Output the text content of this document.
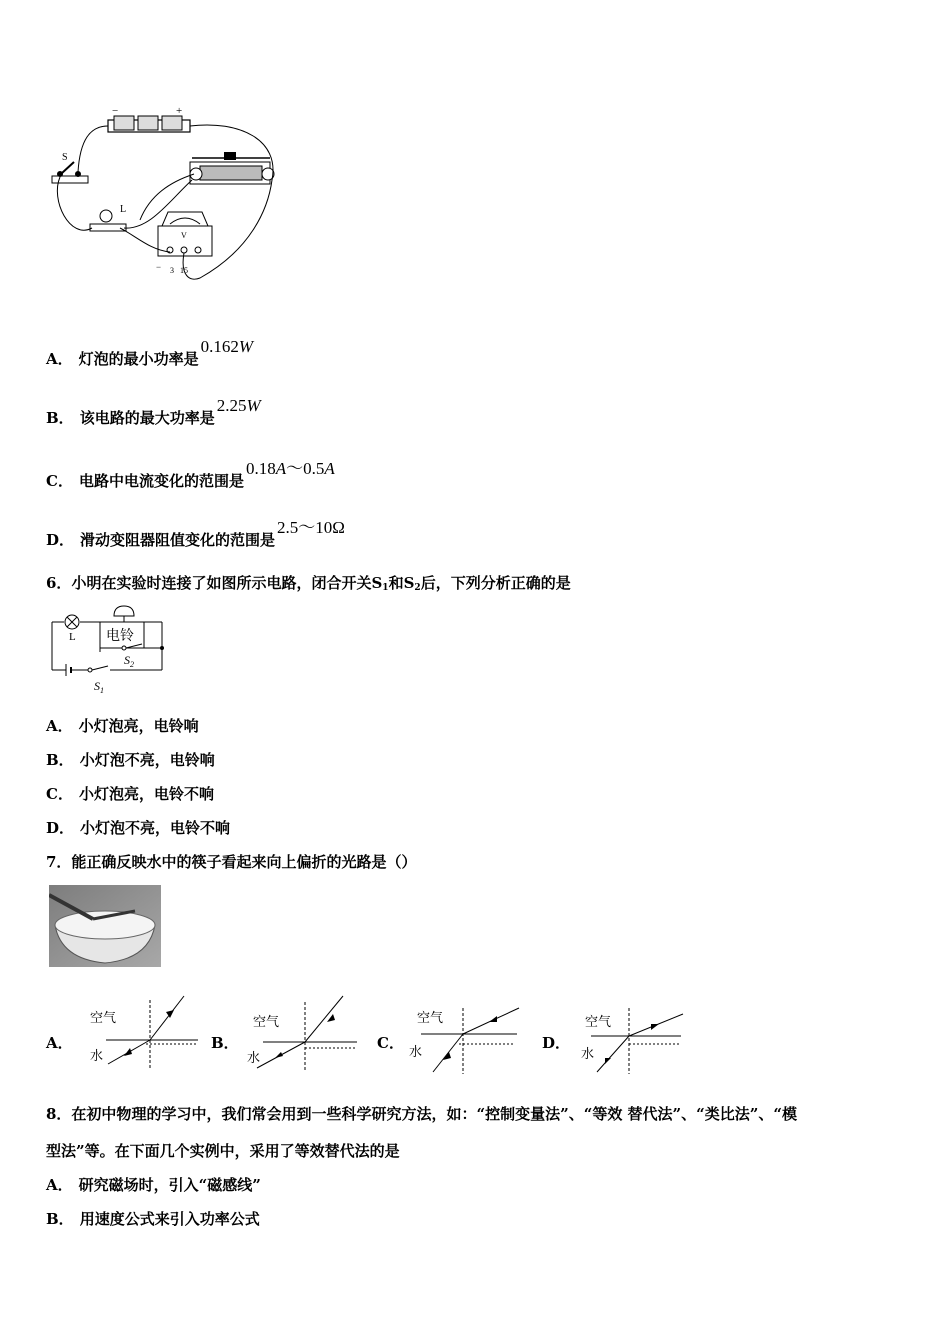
−	+
S
L
V
− 3 15
A． 灯泡的最小功率是0.162W
B． 该电路的最大功率是2.25W
C． 电路中电流变化的范围是0.18A～0.5A
D． 滑动变阻器阻值变化的范围是2.5～10Ω
6．小明在实验时连接了如图所示电路，闭合开关$S_1$和$S_2$后，下列分析正确的是
L 电铃
$S_2$
$S_1$
A． 小灯泡亮，电铃响
B． 小灯泡不亮，电铃响
C． 小灯泡亮，电铃不响
D． 小灯泡不亮，电铃不响
7．能正确反映水中的筷子看起来向上偏折的光路是（）
A．
空气
水
B．
空气
水
C．
空气
水	D．
空气
水
8．在初中物理的学习中，我们常会用到一些科学研究方法，如：“控制变量法”、“等效 替代法”、“类比法”、“模
型法”等。在下面几个实例中，采用了等效替代法的是
A． 研究磁场时，引入“磁感线”
B． 用速度公式来引入功率公式
